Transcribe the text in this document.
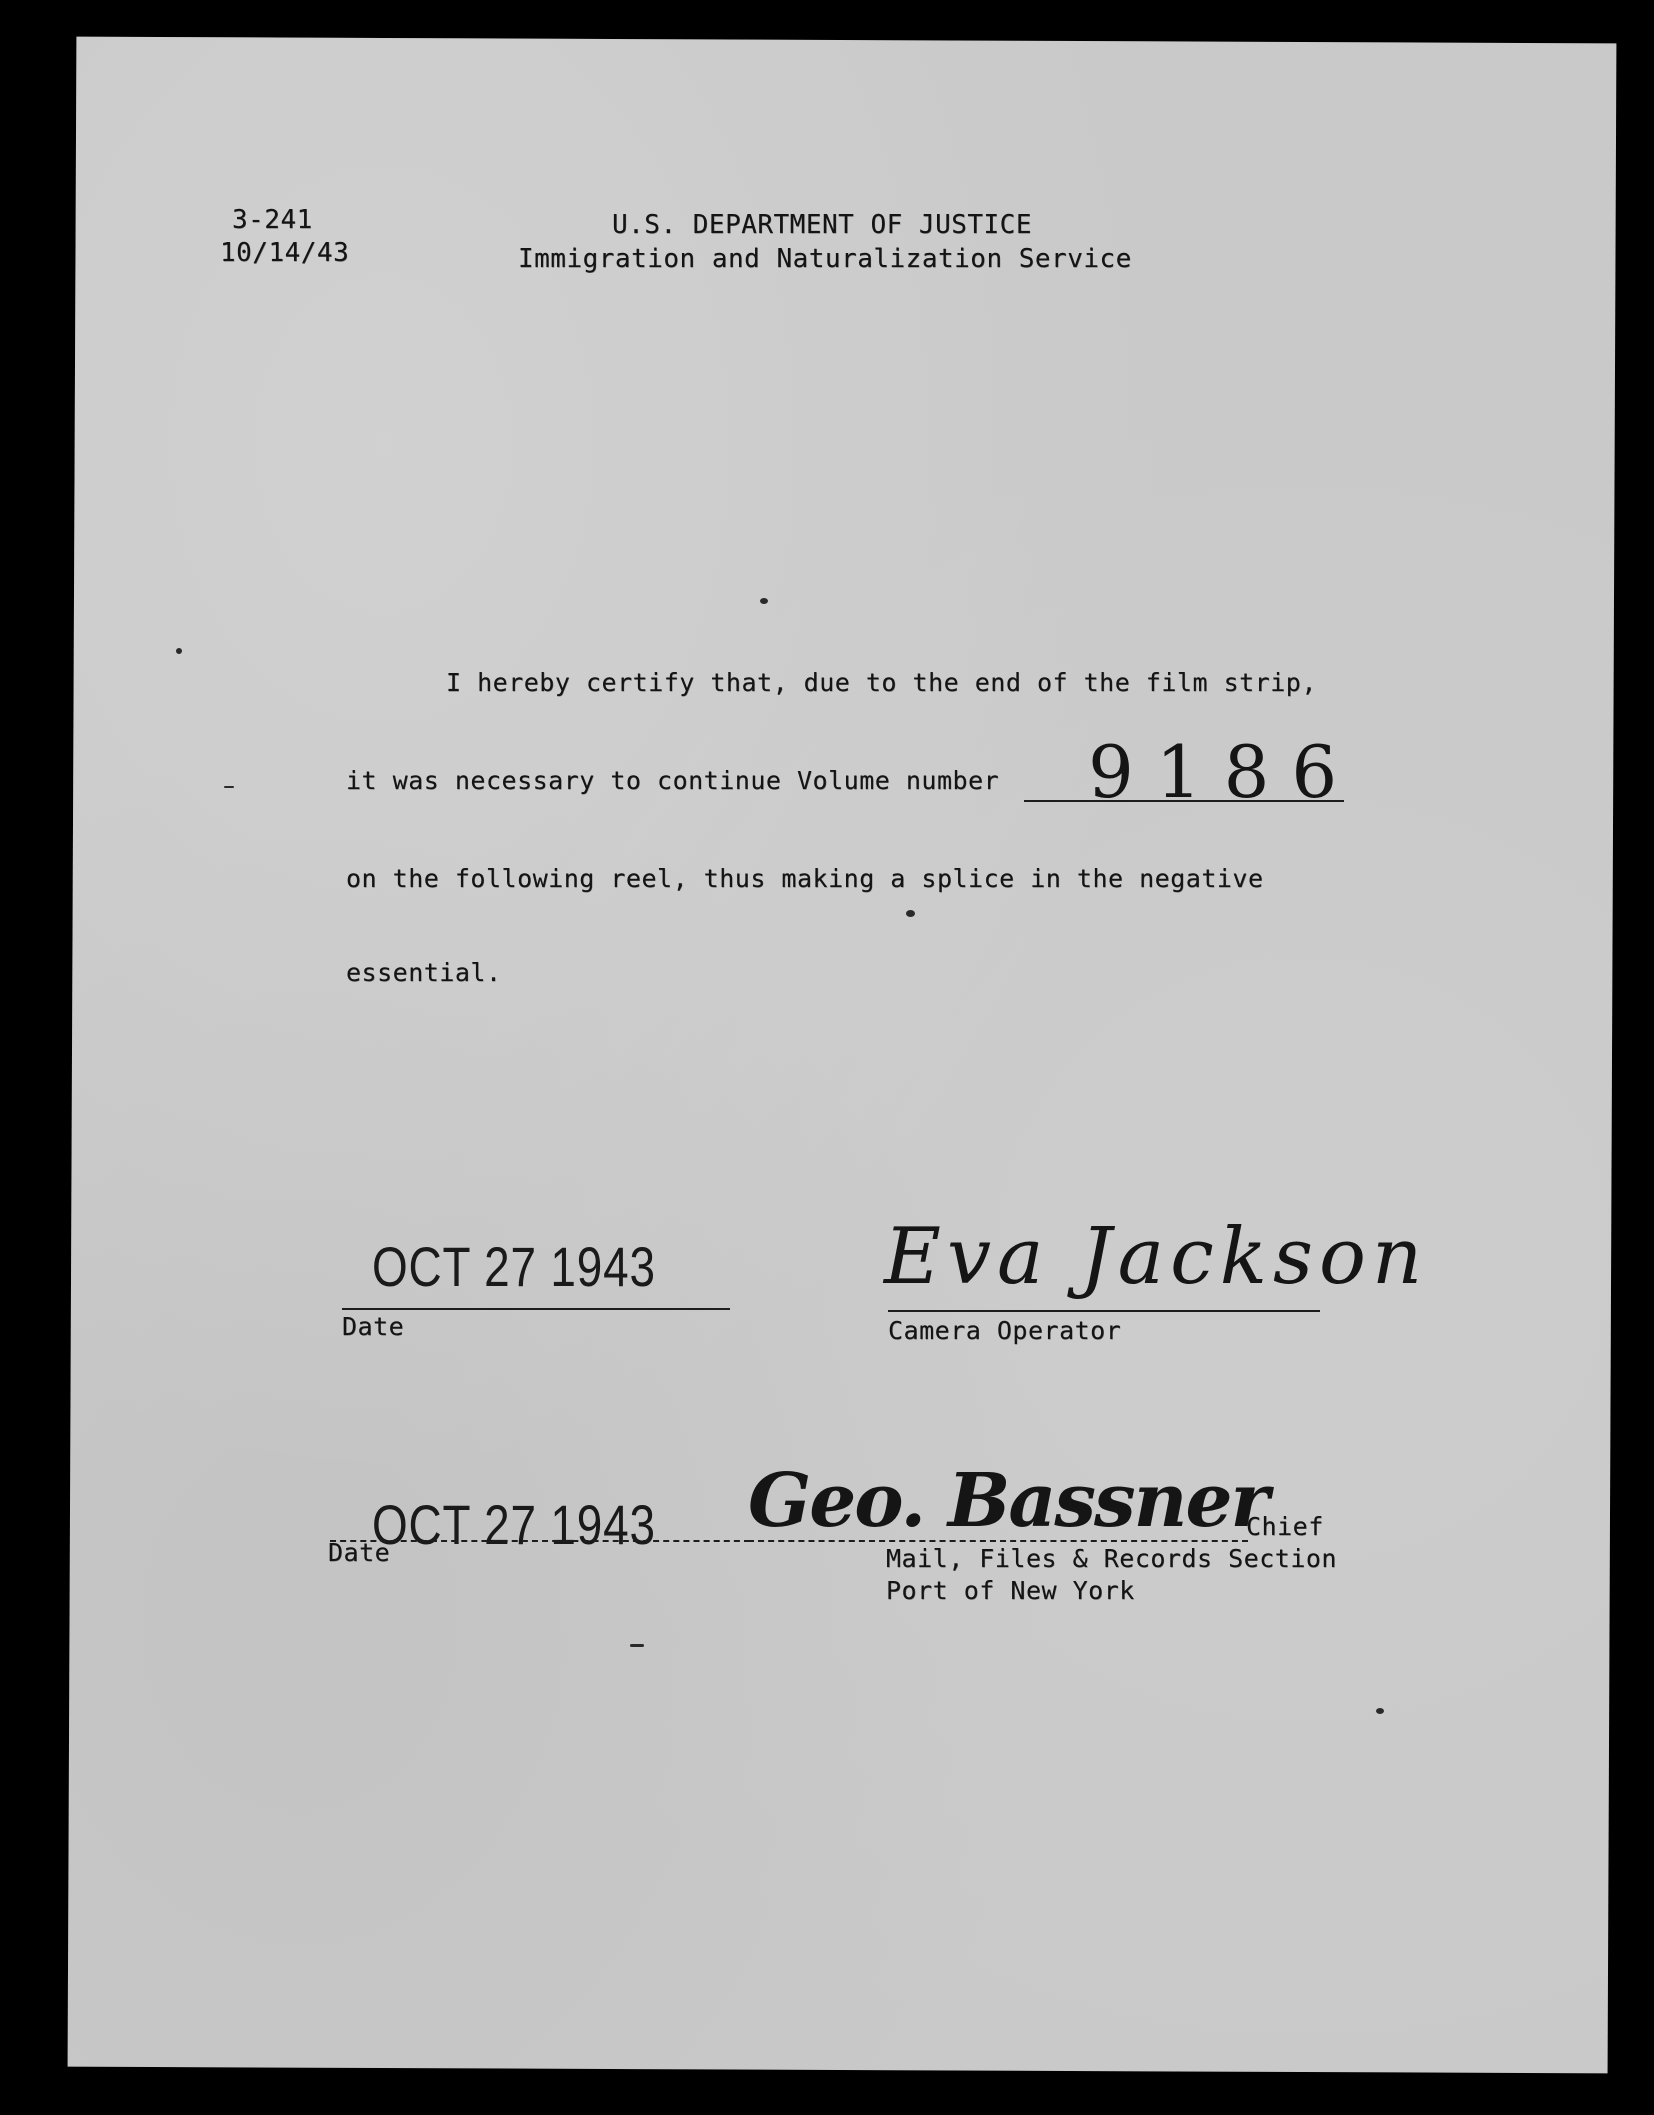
3-241
10/14/43
U.S. DEPARTMENT OF JUSTICE
Immigration and Naturalization Service
I hereby certify that, due to the end of the film strip,
it was necessary to continue Volume number 9186
on the following reel, thus making a splice in the negative
essential.
OCT 27 1943
Date
Eva Jackson
Camera Operator
OCT 27 1943
Date
Geo. Bassner
Chief
Mail, Files & Records Section
Port of New York
